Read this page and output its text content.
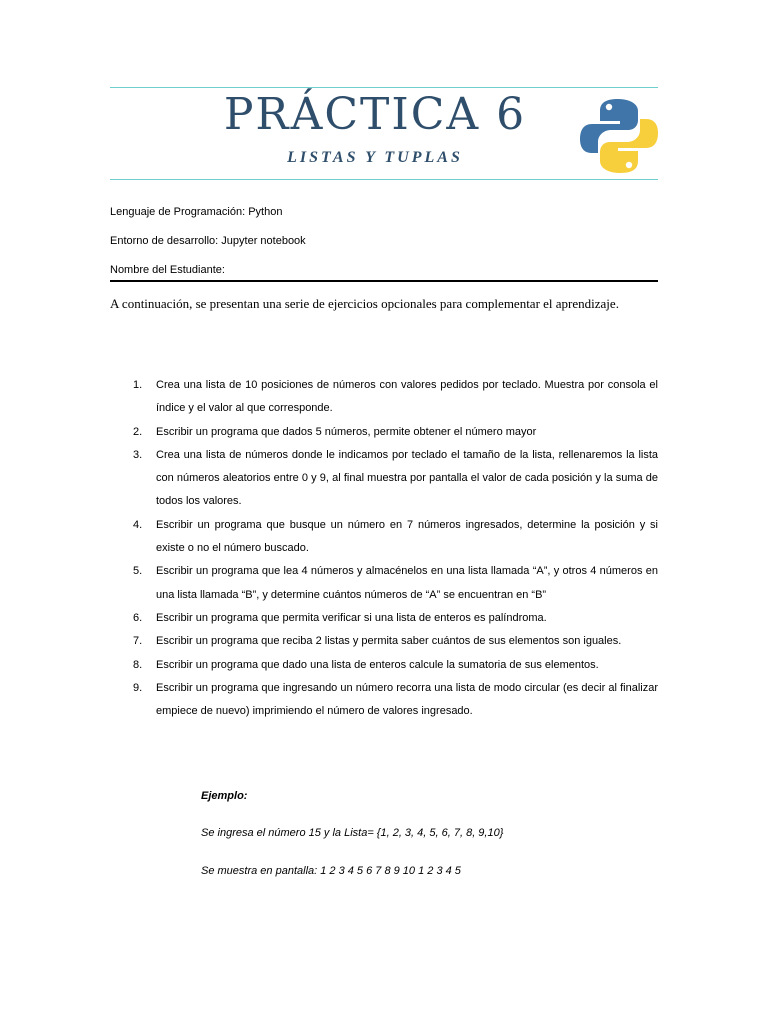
PRÁCTICA 6
LISTAS Y TUPLAS
Lenguaje de Programación: Python
Entorno de desarrollo: Jupyter notebook
Nombre del Estudiante:

A continuación, se presentan una serie de ejercicios opcionales para complementar el aprendizaje.

1. Crea una lista de 10 posiciones de números con valores pedidos por teclado. Muestra por consola el índice y el valor al que corresponde.
2. Escribir un programa que dados 5 números, permite obtener el número mayor
3. Crea una lista de números donde le indicamos por teclado el tamaño de la lista, rellenaremos la lista con números aleatorios entre 0 y 9, al final muestra por pantalla el valor de cada posición y la suma de todos los valores.
4. Escribir un programa que busque un número en 7 números ingresados, determine la posición y si existe o no el número buscado.
5. Escribir un programa que lea 4 números y almacénelos en una lista llamada “A”, y otros 4 números en una lista llamada “B”, y determine cuántos números de “A” se encuentran en “B”
6. Escribir un programa que permita verificar si una lista de enteros es palíndroma.
7. Escribir un programa que reciba 2 listas y permita saber cuántos de sus elementos son iguales.
8. Escribir un programa que dado una lista de enteros calcule la sumatoria de sus elementos.
9. Escribir un programa que ingresando un número recorra una lista de modo circular (es decir al finalizar empiece de nuevo) imprimiendo el número de valores ingresado.
Ejemplo:
Se ingresa el número 15 y la Lista= {1, 2, 3, 4, 5, 6, 7, 8, 9,10}
Se muestra en pantalla: 1 2 3 4 5 6 7 8 9 10 1 2 3 4 5
